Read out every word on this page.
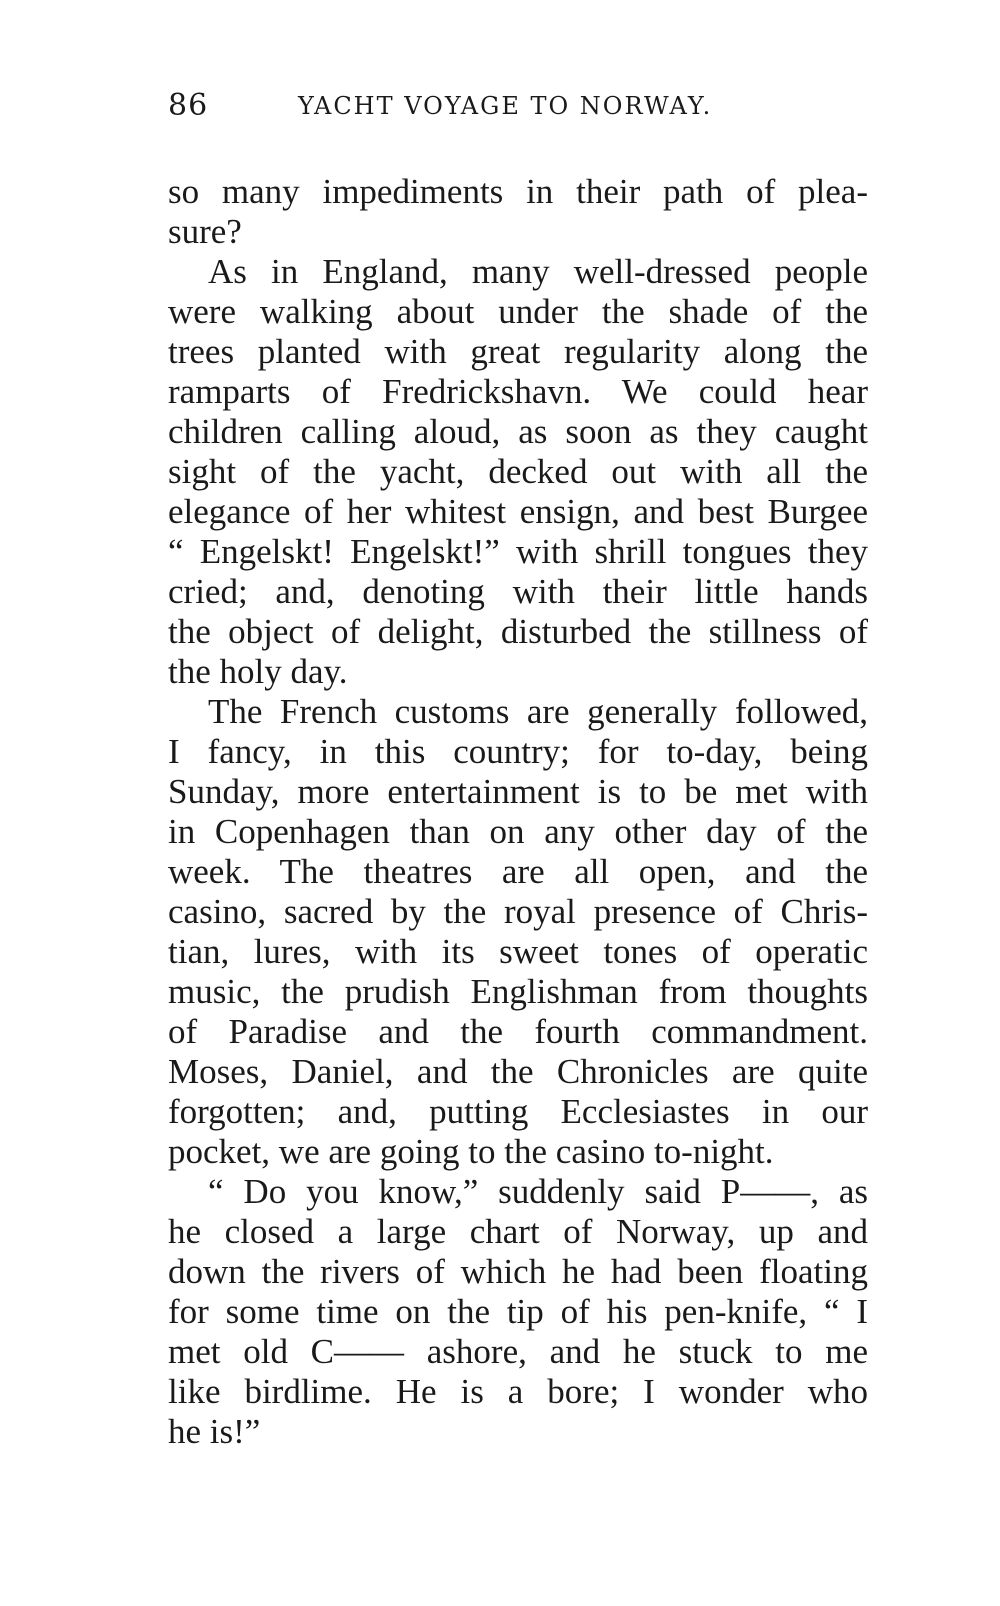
86	YACHT VOYAGE TO NORWAY.
so many impediments in their path of plea-
sure?
As in England, many well-dressed people
were walking about under the shade of the
trees planted with great regularity along the
ramparts of Fredrickshavn. We could hear
children calling aloud, as soon as they caught
sight of the yacht, decked out with all the
elegance of her whitest ensign, and best Burgee
“ Engelskt! Engelskt!” with shrill tongues they
cried; and, denoting with their little hands
the object of delight, disturbed the stillness of
the holy day.
The French customs are generally followed,
I fancy, in this country; for to-day, being
Sunday, more entertainment is to be met with
in Copenhagen than on any other day of the
week. The theatres are all open, and the
casino, sacred by the royal presence of Chris-
tian, lures, with its sweet tones of operatic
music, the prudish Englishman from thoughts
of Paradise and the fourth commandment.
Moses, Daniel, and the Chronicles are quite
forgotten; and, putting Ecclesiastes in our
pocket, we are going to the casino to-night.
“ Do you know,” suddenly said P——, as
he closed a large chart of Norway, up and
down the rivers of which he had been floating
for some time on the tip of his pen-knife, “ I
met old C—— ashore, and he stuck to me
like birdlime. He is a bore; I wonder who
he is!”
